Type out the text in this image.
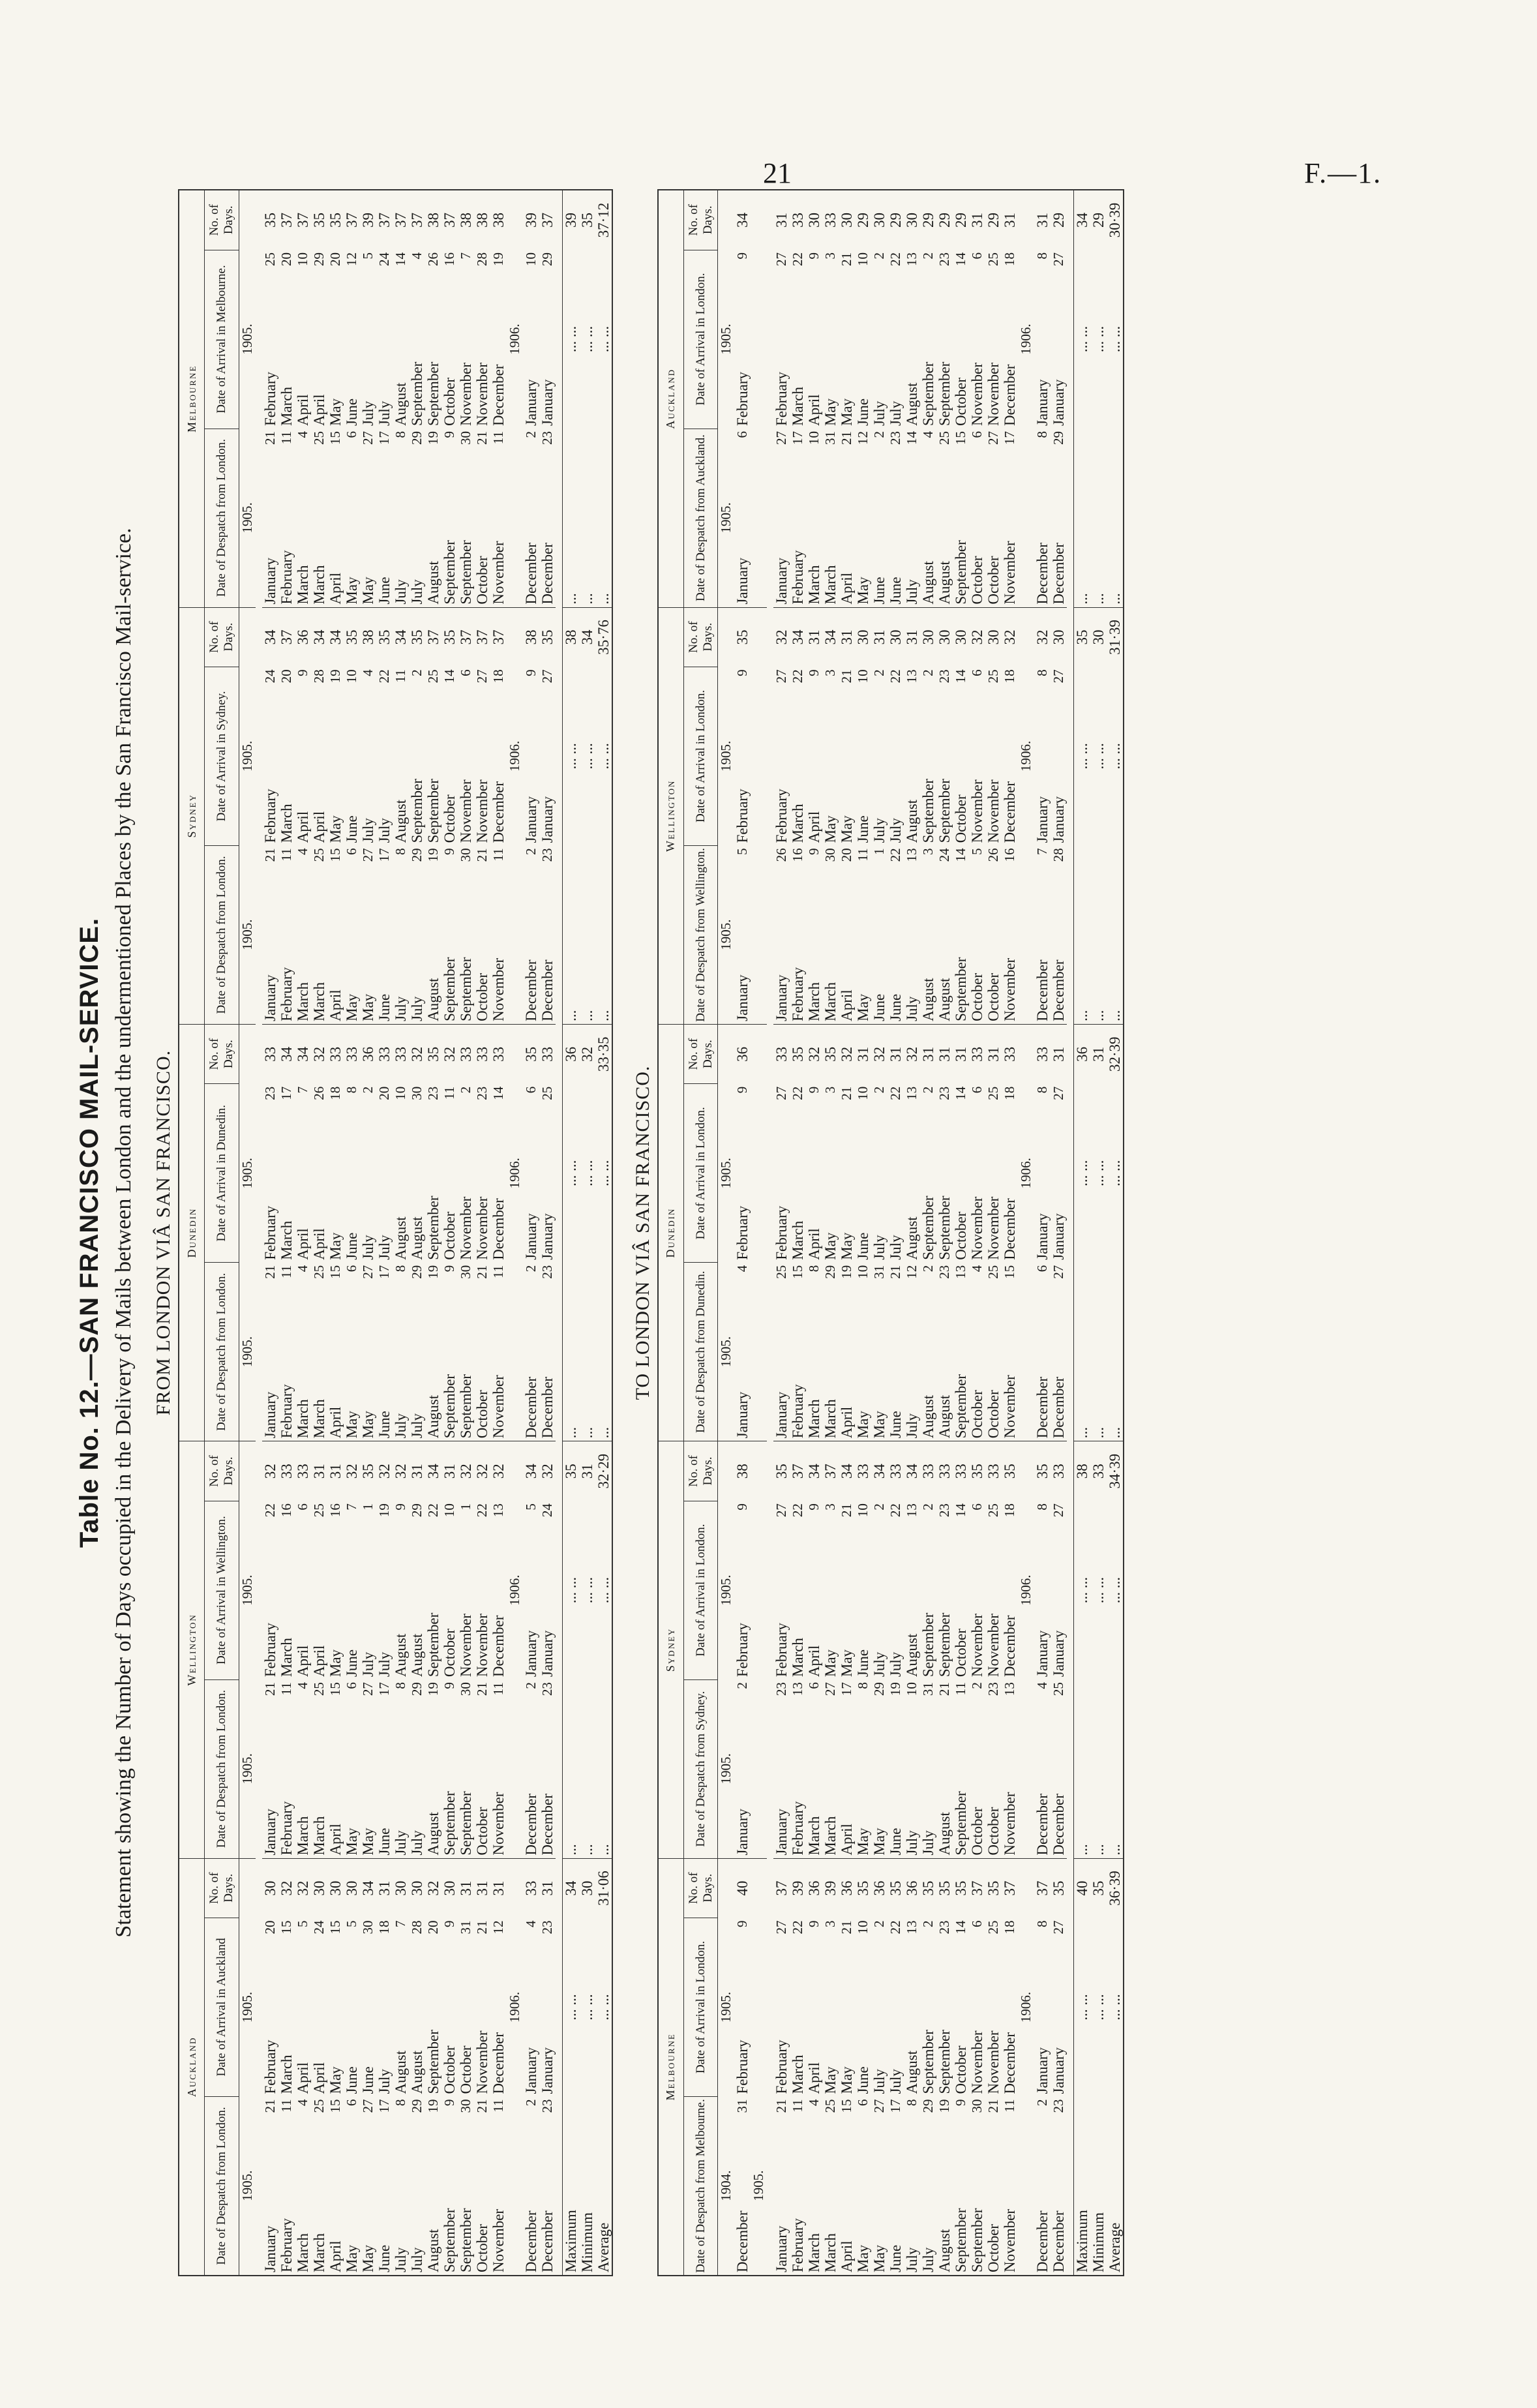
21	F.—1.
Table No. 12.—SAN FRANCISCO MAIL-SERVICE. Statement showing the Number of Days occupied in the Delivery of Mails between London and the undermentioned Places by the San Francisco Mail-service. FROM LONDON VIÂ SAN FRANCISCO.
Auckland					Wellington					Dunedin					Sydney					Melbourne				
Date of Despatch from London.		Date of Arrival in Auckland		No. of Days.	Date of Despatch from London.		Date of Arrival in Wellington.		No. of Days.	Date of Despatch from London.		Date of Arrival in Dunedin.		No. of Days.	Date of Despatch from London.		Date of Arrival in Sydney.		No. of Days.	Date of Despatch from London.		Date of Arrival in Melbourne.		No. of Days.
1905.		1905.			1905.		1905.			1905.		1905.			1905.		1905.			1905.		1905.		

January	21	February	20	30	January	21	February	22	32	January	21	February	23	33	January	21	February	24	34	January	21	February	25	35
February	11	March	15	32	February	11	March	16	33	February	11	March	17	34	February	11	March	20	37	February	11	March	20	37
March	4	April	5	32	March	4	April	6	33	March	4	April	7	34	March	4	April	9	36	March	4	April	10	37
March	25	April	24	30	March	25	April	25	31	March	25	April	26	32	March	25	April	28	34	March	25	April	29	35
April	15	May	15	30	April	15	May	16	31	April	15	May	18	33	April	15	May	19	34	April	15	May	20	35
May	6	June	5	30	May	6	June	7	32	May	6	June	8	33	May	6	June	10	35	May	6	June	12	37
May	27	June	30	34	May	27	July	1	35	May	27	July	2	36	May	27	July	4	38	May	27	July	5	39
June	17	July	18	31	June	17	July	19	32	June	17	July	20	33	June	17	July	22	35	June	17	July	24	37
July	8	August	7	30	July	8	August	9	32	July	8	August	10	33	July	8	August	11	34	July	8	August	14	37
July	29	August	28	30	July	29	August	29	31	July	29	August	30	32	July	29	September	2	35	July	29	September	4	37
August	19	September	20	32	August	19	September	22	34	August	19	September	23	35	August	19	September	25	37	August	19	September	26	38
September	9	October	9	30	September	9	October	10	31	September	9	October	11	32	September	9	October	14	35	September	9	October	16	37
September	30	October	31	31	September	30	November	1	32	September	30	November	2	33	September	30	November	6	37	September	30	November	7	38
October	21	November	21	31	October	21	November	22	32	October	21	November	23	33	October	21	November	27	37	October	21	November	28	38
November	11	December	12	31	November	11	December	13	32	November	11	December	14	33	November	11	December	18	37	November	11	December	19	38
		1906.					1906.					1906.					1906.					1906.		
December	2	January	4	33	December	2	January	5	34	December	2	January	6	35	December	2	January	9	38	December	2	January	10	39
December	23	January	23	31	December	23	January	24	32	December	23	January	25	33	December	23	January	27	35	December	23	January	29	37

Maximum		... ...		34	...		... ...		35	...		... ...		36	...		... ...		38	...		... ...		39
Minimum		... ...		30	...		... ...		31	...		... ...		32	...		... ...		34	...		... ...		35
Average		... ...		31·06	...		... ...		32·29	...		... ...		33·35	...		... ...		35·76	...		... ...		37·12
TO LONDON VIÂ SAN FRANCISCO.
Melbourne					Sydney					Dunedin					Wellington					Auckland				
Date of Despatch from Melbourne.		Date of Arrival in London.		No. of Days.	Date of Despatch from Sydney.		Date of Arrival in London.		No. of Days.	Date of Despatch from Dunedin.		Date of Arrival in London.		No. of Days.	Date of Despatch from Wellington.		Date of Arrival in London.		No. of Days.	Date of Despatch from Auckland.		Date of Arrival in London.		No. of Days.
1904.		1905.			1905.		1905.			1905.		1905.			1905.		1905.			1905.		1905.		
December	31	February	9	40	January	2	February	9	38	January	4	February	9	36	January	5	February	9	35	January	6	February	9	34
1905.																								

January	21	February	27	37	January	23	February	27	35	January	25	February	27	33	January	26	February	27	32	January	27	February	27	31
February	11	March	22	39	February	13	March	22	37	February	15	March	22	35	February	16	March	22	34	February	17	March	22	33
March	4	April	9	36	March	6	April	9	34	March	8	April	9	32	March	9	April	9	31	March	10	April	9	30
March	25	May	3	39	March	27	May	3	37	March	29	May	3	35	March	30	May	3	34	March	31	May	3	33
April	15	May	21	36	April	17	May	21	34	April	19	May	21	32	April	20	May	21	31	April	21	May	21	30
May	6	June	10	35	May	8	June	10	33	May	10	June	10	31	May	11	June	10	30	May	12	June	10	29
May	27	July	2	36	May	29	July	2	34	May	31	July	2	32	June	1	July	2	31	June	2	July	2	30
June	17	July	22	35	June	19	July	22	33	June	21	July	22	31	June	22	July	22	30	June	23	July	22	29
July	8	August	13	36	July	10	August	13	34	July	12	August	13	32	July	13	August	13	31	July	14	August	13	30
July	29	September	2	35	July	31	September	2	33	August	2	September	2	31	August	3	September	2	30	August	4	September	2	29
August	19	September	23	35	August	21	September	23	33	August	23	September	23	31	August	24	September	23	30	August	25	September	23	29
September	9	October	14	35	September	11	October	14	33	September	13	October	14	31	September	14	October	14	30	September	15	October	14	29
September	30	November	6	37	October	2	November	6	35	October	4	November	6	33	October	5	November	6	32	October	6	November	6	31
October	21	November	25	35	October	23	November	25	33	October	25	November	25	31	October	26	November	25	30	October	27	November	25	29
November	11	December	18	37	November	13	December	18	35	November	15	December	18	33	November	16	December	18	32	November	17	December	18	31
		1906.					1906.					1906.					1906.					1906.		
December	2	January	8	37	December	4	January	8	35	December	6	January	8	33	December	7	January	8	32	December	8	January	8	31
December	23	January	27	35	December	25	January	27	33	December	27	January	27	31	December	28	January	27	30	December	29	January	27	29

Maximum		... ...		40	...		... ...		38	...		... ...		36	...		... ...		35	...		... ...		34
Minimum		... ...		35	...		... ...		33	...		... ...		31	...		... ...		30	...		... ...		29
Average		... ...		36·39	...		... ...		34·39	...		... ...		32·39	...		... ...		31·39	...		... ...		30·39
